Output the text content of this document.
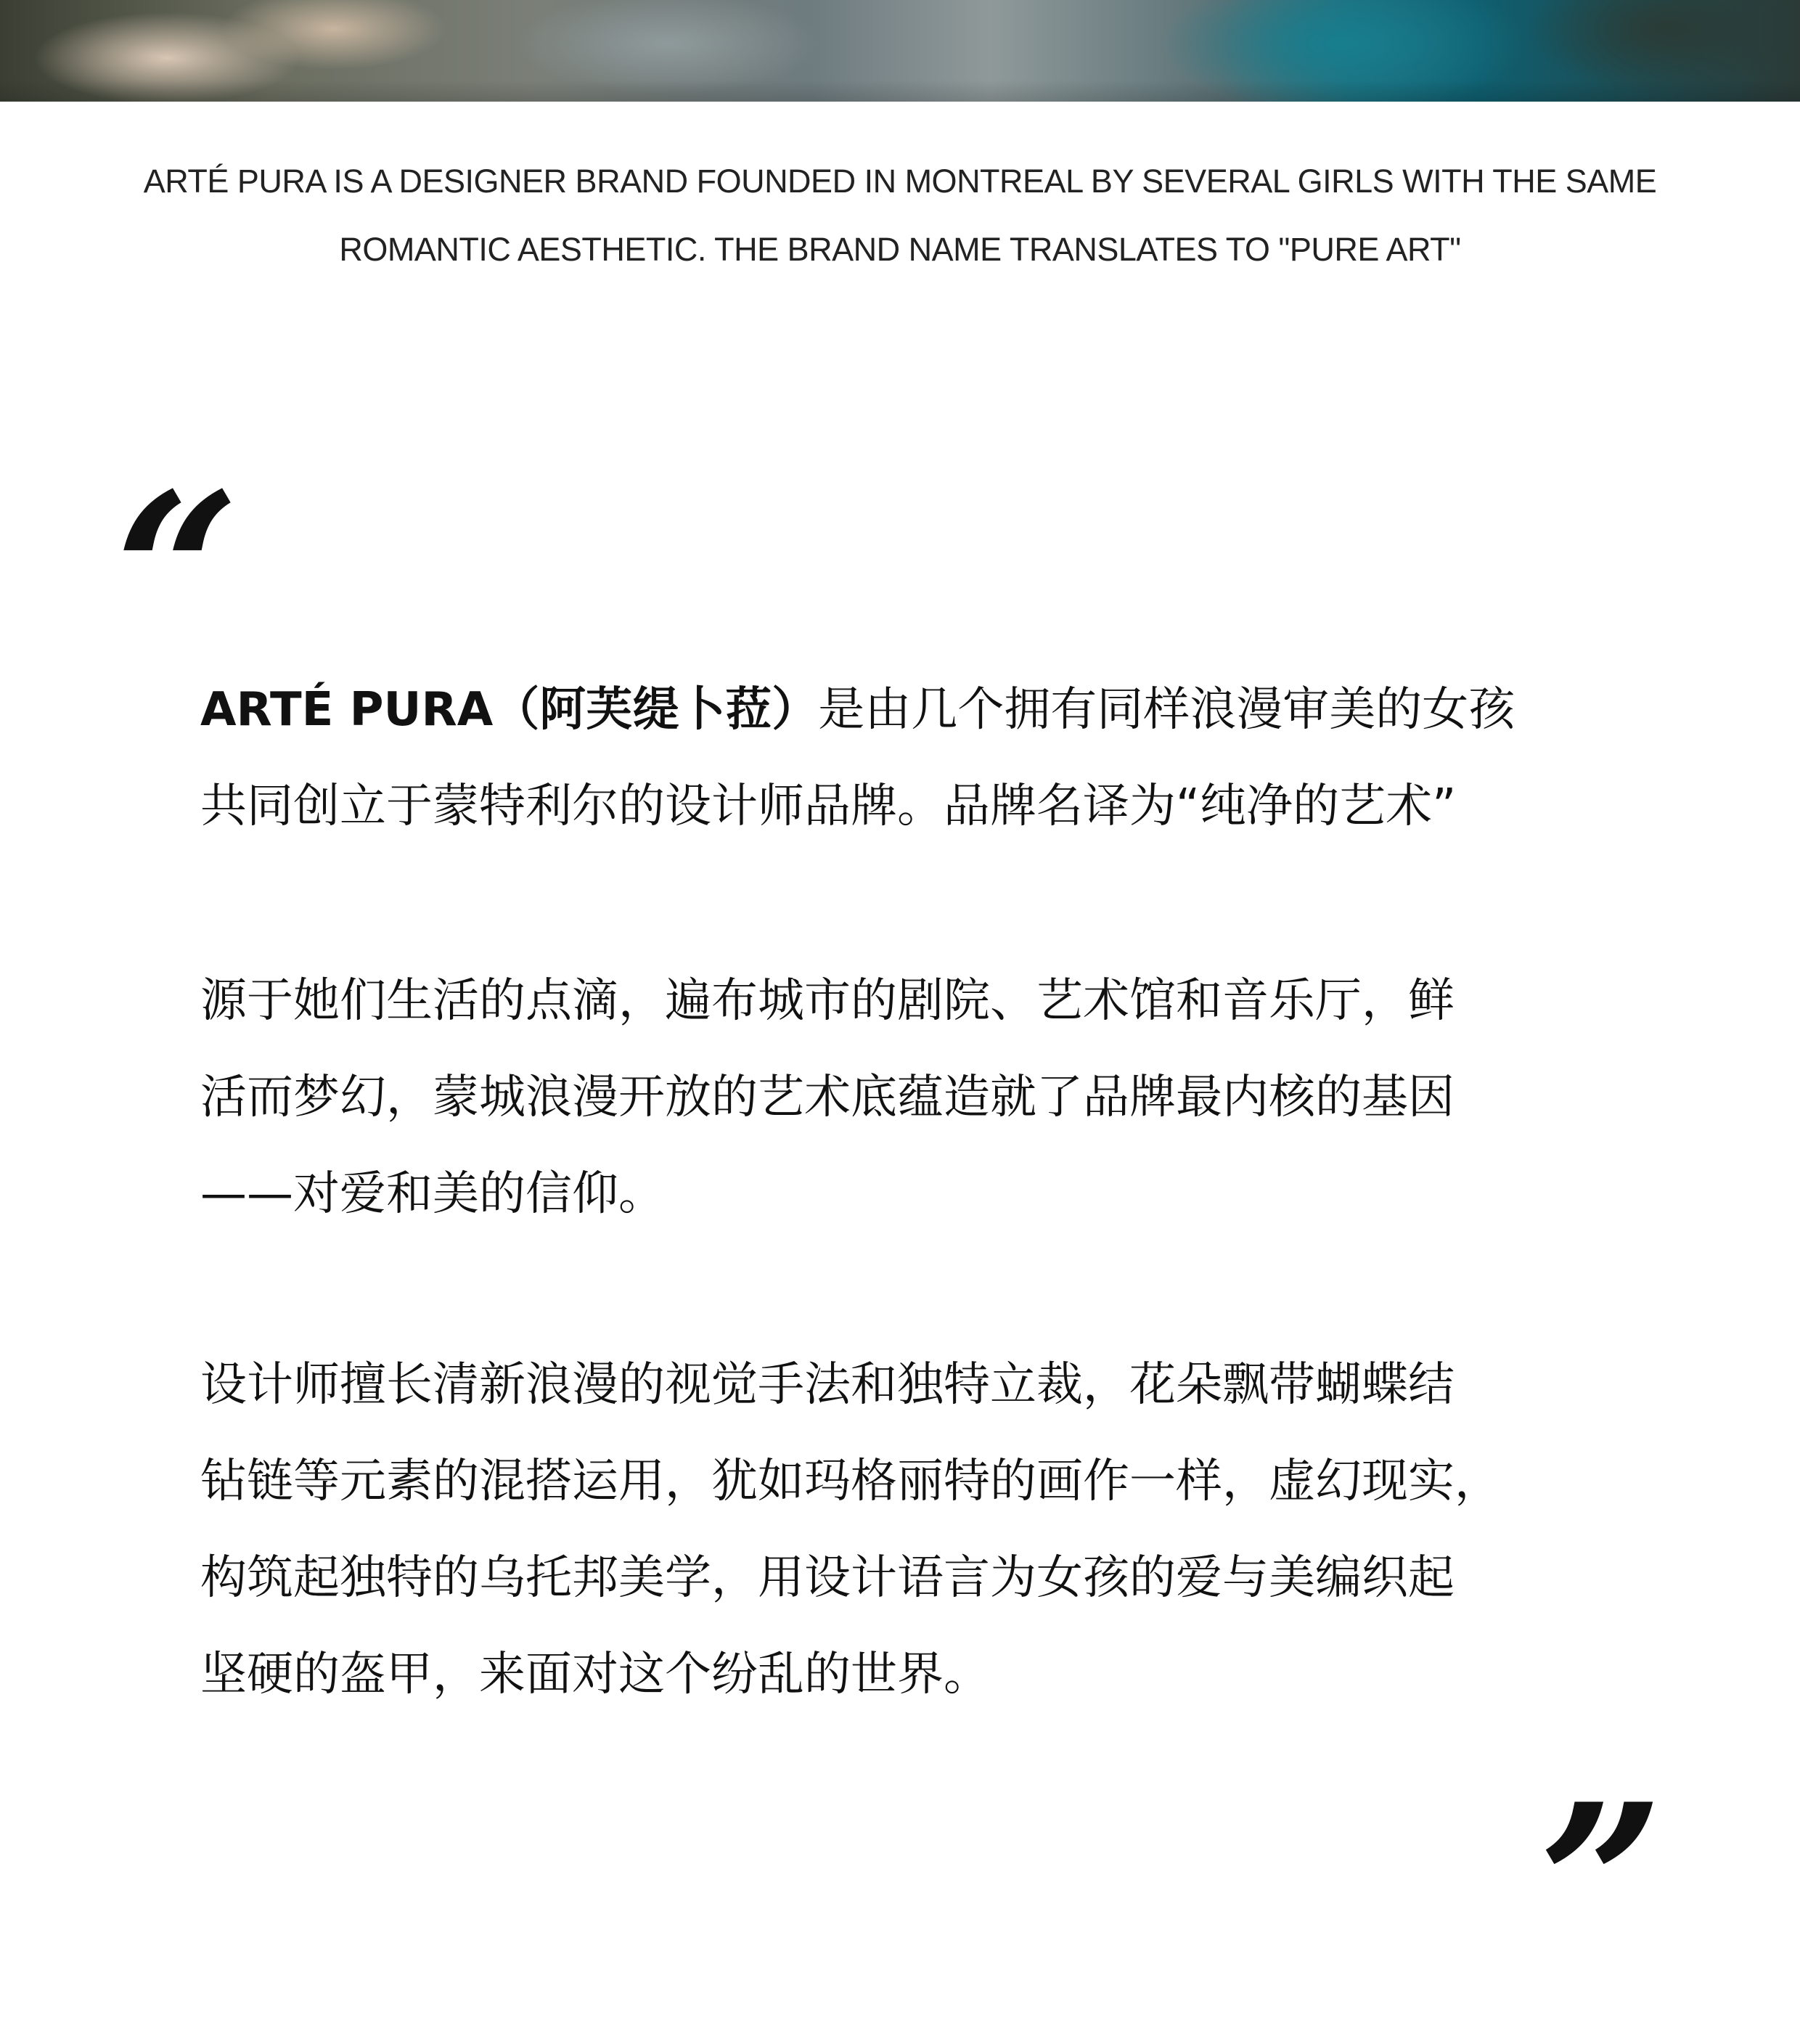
ARTÉ PURA IS A DESIGNER BRAND FOUNDED IN MONTREAL BY SEVERAL GIRLS WITH THE SAME
ROMANTIC AESTHETIC. THE BRAND NAME TRANSLATES TO "PURE ART"
“
ARTÉ PURA（阿芙缇卜菈）是由几个拥有同样浪漫审美的女孩
共同创立于蒙特利尔的设计师品牌。品牌名译为“纯净的艺术”
源于她们生活的点滴，遍布城市的剧院、艺术馆和音乐厅，鲜
活而梦幻，蒙城浪漫开放的艺术底蕴造就了品牌最内核的基因
——对爱和美的信仰。
设计师擅长清新浪漫的视觉手法和独特立裁，花朵飘带蝴蝶结
钻链等元素的混搭运用，犹如玛格丽特的画作一样，虚幻现实，
构筑起独特的乌托邦美学，用设计语言为女孩的爱与美编织起
坚硬的盔甲，来面对这个纷乱的世界。
”
